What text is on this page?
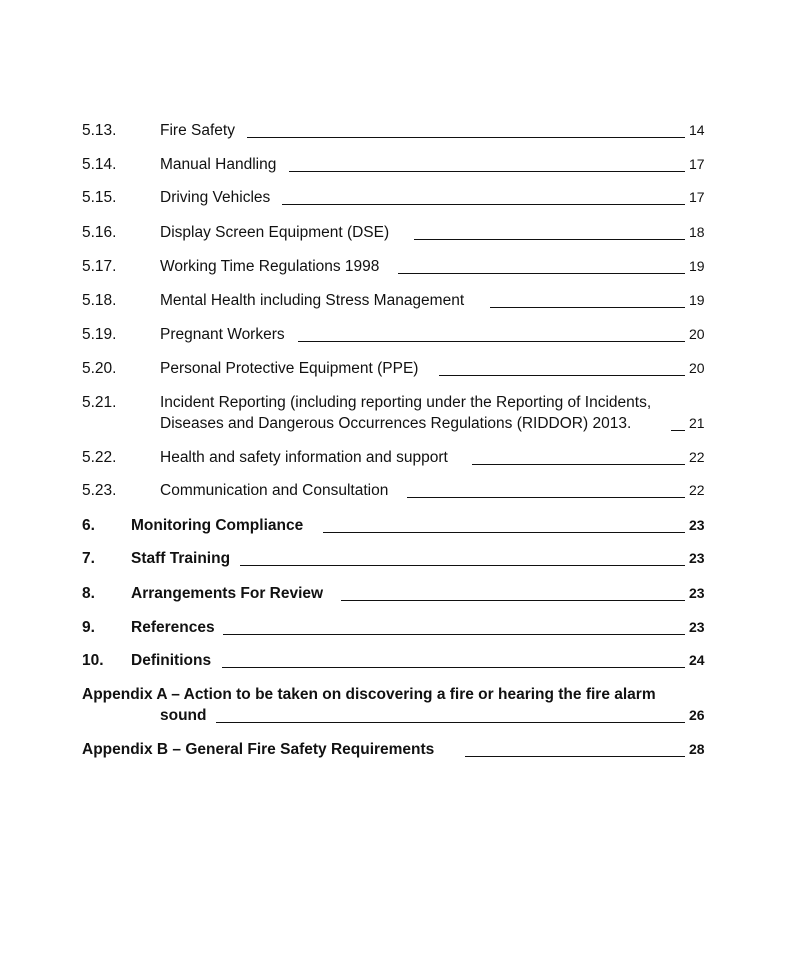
5.13.	Fire Safety	14
5.14.	Manual Handling	17
5.15.	Driving Vehicles	17
5.16.	Display Screen Equipment (DSE)	18
5.17.	Working Time Regulations 1998	19
5.18.	Mental Health including Stress Management	19
5.19.	Pregnant Workers	20
5.20.	Personal Protective Equipment (PPE)	20
5.21.	Incident Reporting (including reporting under the Reporting of Incidents,
Diseases and Dangerous Occurrences Regulations (RIDDOR) 2013.	21
5.22.	Health and safety information and support	22
5.23.	Communication and Consultation	22
6. Monitoring Compliance	23
7. Staff Training	23
8. Arrangements For Review	23
9. References	23
10. Definitions	24
Appendix A – Action to be taken on discovering a fire or hearing the fire alarm
sound	26
Appendix B – General Fire Safety Requirements	28
